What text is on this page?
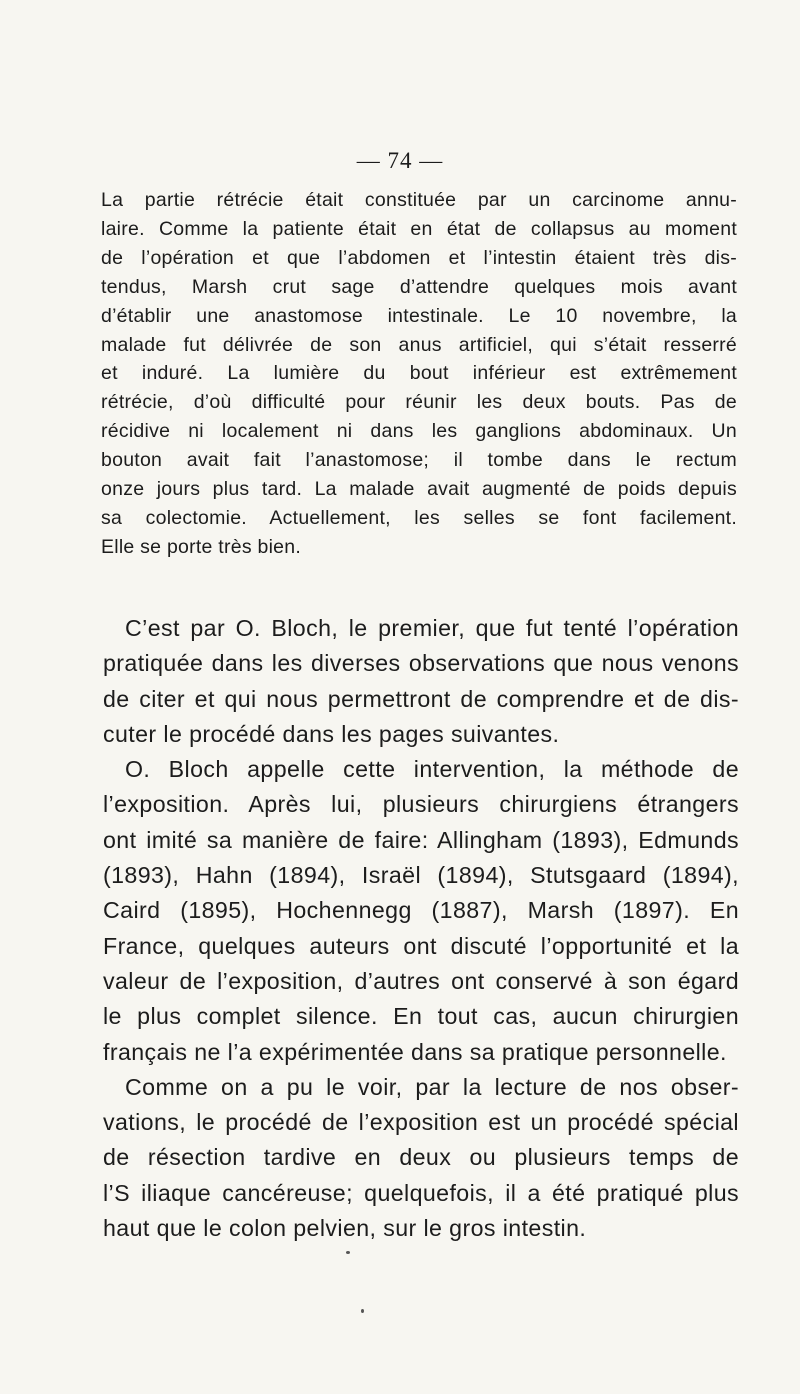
— 74 —
La partie rétrécie était constituée par un carcinome annu-
laire. Comme la patiente était en état de collapsus au moment
de l’opération et que l’abdomen et l’intestin étaient très dis-
tendus, Marsh crut sage d’attendre quelques mois avant
d’établir une anastomose intestinale. Le 10 novembre, la
malade fut délivrée de son anus artificiel, qui s’était resserré
et induré. La lumière du bout inférieur est extrêmement
rétrécie, d’où difficulté pour réunir les deux bouts. Pas de
récidive ni localement ni dans les ganglions abdominaux. Un
bouton avait fait l’anastomose; il tombe dans le rectum
onze jours plus tard. La malade avait augmenté de poids depuis
sa colectomie. Actuellement, les selles se font facilement.
Elle se porte très bien.

C’est par O. Bloch, le premier, que fut tenté l’opération
pratiquée dans les diverses observations que nous venons
de citer et qui nous permettront de comprendre et de dis-
cuter le procédé dans les pages suivantes.

O. Bloch appelle cette intervention, la méthode de
l’exposition. Après lui, plusieurs chirurgiens étrangers
ont imité sa manière de faire: Allingham (1893), Edmunds
(1893), Hahn (1894), Israël (1894), Stutsgaard (1894),
Caird (1895), Hochennegg (1887), Marsh (1897). En
France, quelques auteurs ont discuté l’opportunité et la
valeur de l’exposition, d’autres ont conservé à son égard
le plus complet silence. En tout cas, aucun chirurgien
français ne l’a expérimentée dans sa pratique personnelle.

Comme on a pu le voir, par la lecture de nos obser-
vations, le procédé de l’exposition est un procédé spécial
de résection tardive en deux ou plusieurs temps de
l’S iliaque cancéreuse; quelquefois, il a été pratiqué plus
haut que le colon pelvien, sur le gros intestin.
